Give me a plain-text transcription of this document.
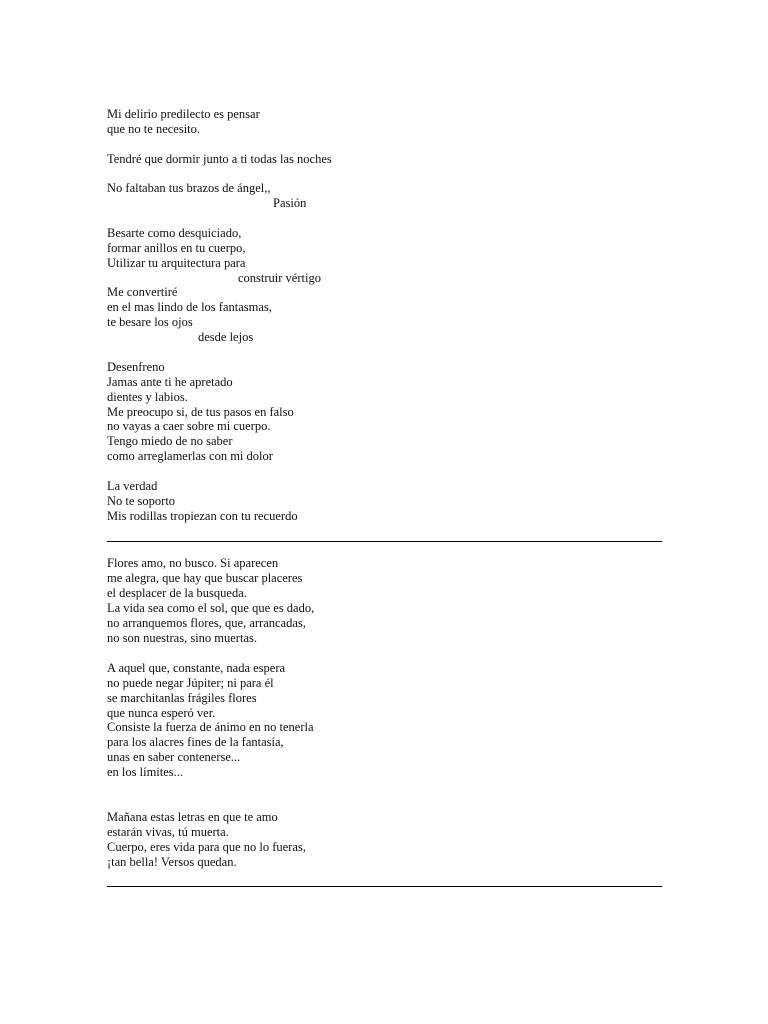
Mi delirio predilecto es pensar
que no te necesito.
Tendré que dormir junto a ti todas las noches
No faltaban tus brazos de ángel,,
Pasión
Besarte como desquiciado,
formar anillos en tu cuerpo,
Utilizar tu arquitectura para
construir vértigo
Me convertiré
en el mas lindo de los fantasmas,
te besare los ojos
desde lejos
Desenfreno
Jamas ante ti he apretado
dientes y labios.
Me preocupo si, de tus pasos en falso
no vayas a caer sobre mi cuerpo.
Tengo miedo de no saber
como arreglamerlas con mi dolor
La verdad
No te soporto
Mis rodillas tropiezan con tu recuerdo
Flores amo, no busco. Si aparecen
me alegra, que hay que buscar placeres
el desplacer de la busqueda.
La vida sea como el sol, que que es dado,
no arranquemos flores, que, arrancadas,
no son nuestras, sino muertas.
A aquel que, constante, nada espera
no puede negar Júpiter; ni para él
se marchitanlas frágiles flores
que nunca esperó ver.
Consiste la fuerza de ánimo en no tenerla
para los alacres fines de la fantasía,
unas en saber contenerse...
en los límites...
Mañana estas letras en que te amo
estarán vivas, tú muerta.
Cuerpo, eres vida para que no lo fueras,
¡tan bella! Versos quedan.
